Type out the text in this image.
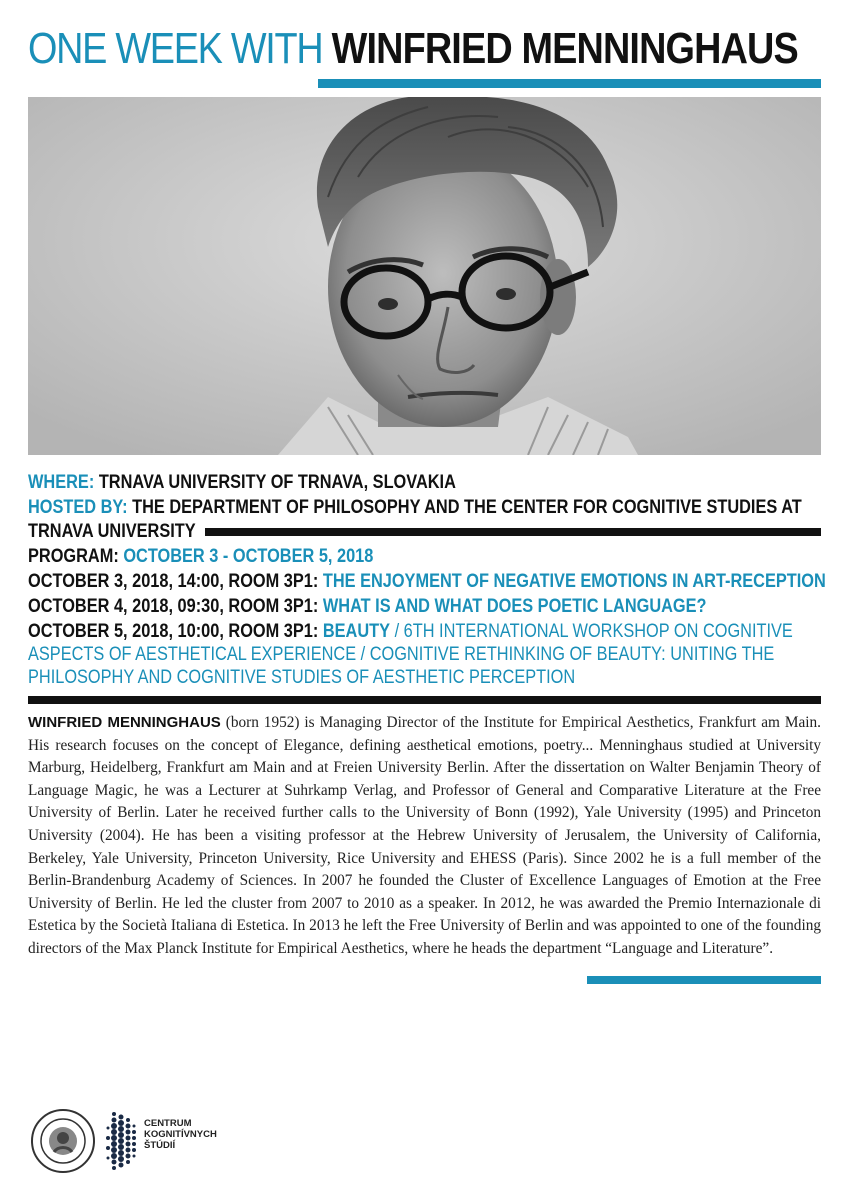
ONE WEEK WITH WINFRIED MENNINGHAUS
WHERE: TRNAVA UNIVERSITY OF TRNAVA, SLOVAKIA
HOSTED BY: THE DEPARTMENT OF PHILOSOPHY AND THE CENTER FOR COGNITIVE STUDIES AT
TRNAVA UNIVERSITY
PROGRAM: OCTOBER 3 - OCTOBER 5, 2018
OCTOBER 3, 2018, 14:00, ROOM 3P1: THE ENJOYMENT OF NEGATIVE EMOTIONS IN ART-RECEPTION
OCTOBER 4, 2018, 09:30, ROOM 3P1: WHAT IS AND WHAT DOES POETIC LANGUAGE?
OCTOBER 5, 2018, 10:00, ROOM 3P1: BEAUTY / 6TH INTERNATIONAL WORKSHOP ON COGNITIVE
ASPECTS OF AESTHETICAL EXPERIENCE / COGNITIVE RETHINKING OF BEAUTY: UNITING THE
PHILOSOPHY AND COGNITIVE STUDIES OF AESTHETIC PERCEPTION
WINFRIED MENNINGHAUS (born 1952) is Managing Director of the Institute for Empirical Aesthetics, Frankfurt am Main. His research focuses on the concept of Elegance, defining aesthetical emotions, poetry... Menninghaus studied at University Marburg, Heidelberg, Frankfurt am Main and at Freien University Berlin. After the dissertation on Walter Benjamin Theory of Language Magic, he was a Lecturer at Suhrkamp Verlag, and Professor of General and Comparative Literature at the Free University of Berlin. Later he received further calls to the University of Bonn (1992), Yale University (1995) and Princeton University (2004). He has been a visiting professor at the Hebrew University of Jerusalem, the University of California, Berkeley, Yale University, Princeton University, Rice University and EHESS (Paris). Since 2002 he is a full member of the Berlin-Brandenburg Academy of Sciences. In 2007 he founded the Cluster of Excellence Languages of Emotion at the Free University of Berlin. He led the cluster from 2007 to 2010 as a speaker. In 2012, he was awarded the Premio Internazionale di Estetica by the Società Italiana di Estetica. In 2013 he left the Free University of Berlin and was appointed to one of the founding directors of the Max Planck Institute for Empirical Aesthetics, where he heads the department “Language and Literature”.
CENTRUM
KOGNITÍVNYCH
ŠTÚDIÍ
